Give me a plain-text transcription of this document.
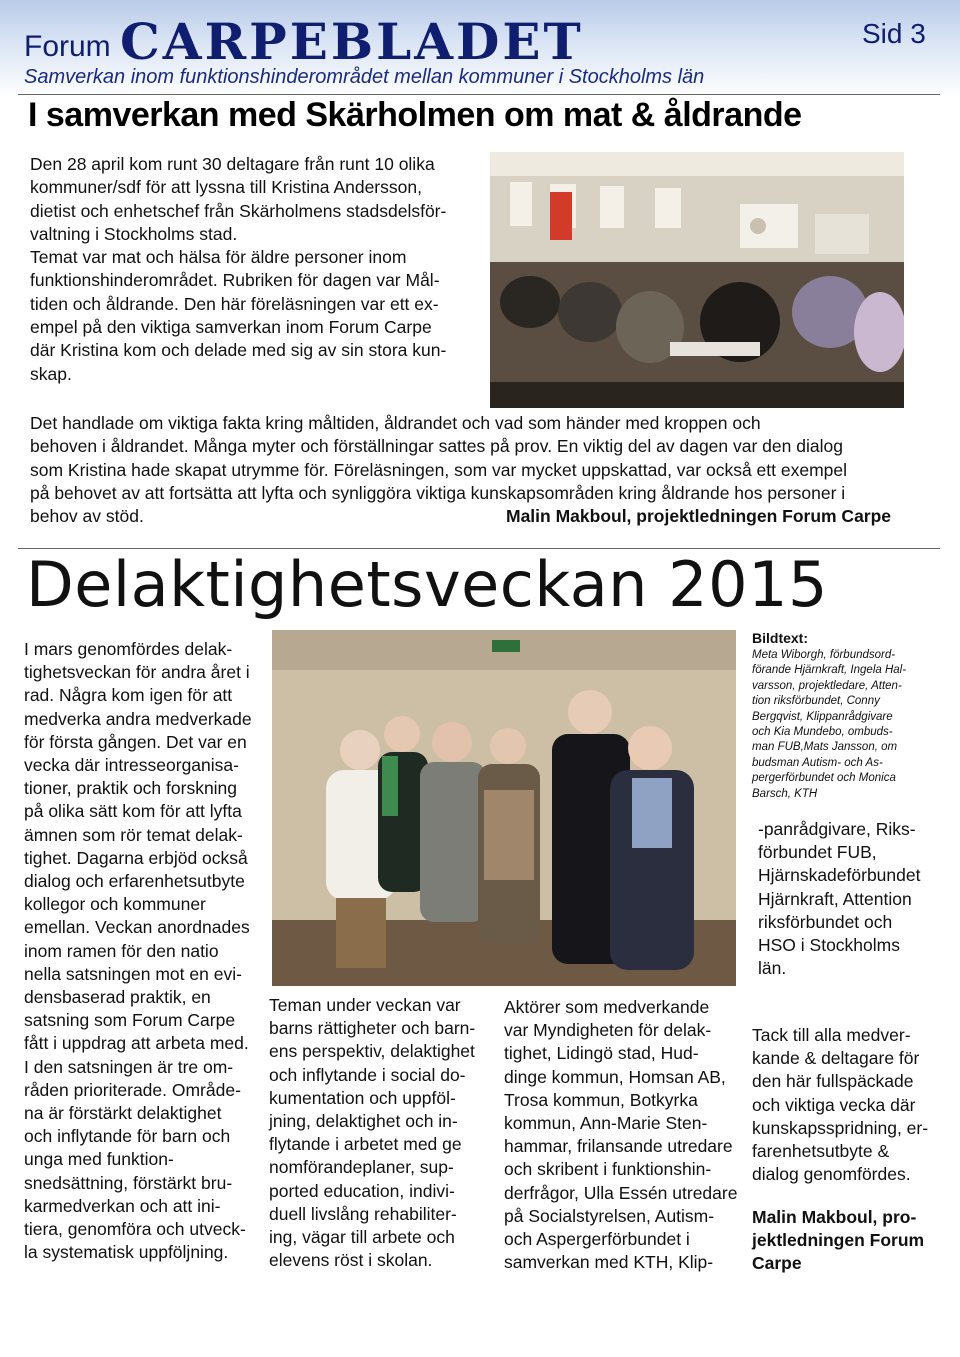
Forum CARPEBLADET	Sid 3
Samverkan inom funktionshinderområdet mellan kommuner i Stockholms län
I samverkan med Skärholmen om mat & åldrande

Den 28 april kom runt 30 deltagare från runt 10 olika

kommuner/sdf för att lyssna till Kristina Andersson,

dietist och enhetschef från Skärholmens stadsdelsför-

valtning i Stockholms stad.

Temat var mat och hälsa för äldre personer inom

funktionshinderområdet. Rubriken för dagen var Mål-

tiden och åldrande. Den här föreläsningen var ett ex-

empel på den viktiga samverkan inom Forum Carpe

där Kristina kom och delade med sig av sin stora kun-

skap.

Det handlade om viktiga fakta kring måltiden, åldrandet och vad som händer med kroppen och

behoven i åldrandet. Många myter och förställningar sattes på prov. En viktig del av dagen var den dialog

som Kristina hade skapat utrymme för. Föreläsningen, som var mycket uppskattad, var också ett exempel

på behovet av att fortsätta att lyfta och synliggöra viktiga kunskapsområden kring åldrande hos personer i

behov av stöd.	Malin Makboul, projektledningen Forum Carpe
Delaktighetsveckan 2015

I mars genomfördes delak-

tighetsveckan för andra året i

rad. Några kom igen för att

medverka andra medverkade

för första gången. Det var en

vecka där intresseorganisa-

tioner, praktik och forskning

på olika sätt kom för att lyfta

ämnen som rör temat delak-

tighet. Dagarna erbjöd också

dialog och erfarenhetsutbyte

kollegor och kommuner

emellan. Veckan anordnades

inom ramen för den natio

nella satsningen mot en evi-

densbaserad praktik, en

satsning som Forum Carpe

fått i uppdrag att arbeta med.

I den satsningen är tre om-

råden prioriterade. Område-

na är förstärkt delaktighet

och inflytande för barn och

unga med funktion-

snedsättning, förstärkt bru-

karmedverkan och att ini-

tiera, genomföra och utveck-

la systematisk uppföljning.

Bildtext:
Meta Wiborgh, förbundsord-
förande Hjärnkraft, Ingela Hal-
varsson, projektledare, Atten-
tion riksförbundet, Conny
Bergqvist, Klippanrådgivare
och Kia Mundebo, ombuds-
man FUB,Mats Jansson, om
budsman Autism- och As-
pergerförbundet och Monica
Barsch, KTH
-panrådgivare, Riks-
förbundet FUB,
Hjärnskadeförbundet
Hjärnkraft, Attention
riksförbundet och
HSO i Stockholms
län.

Teman under veckan var

barns rättigheter och barn-

ens perspektiv, delaktighet

och inflytande i social do-

kumentation och uppföl-

jning, delaktighet och in-

flytande i arbetet med ge

nomförandeplaner, sup-

ported education, indivi-

duell livslång rehabiliter-

ing, vägar till arbete och

elevens röst i skolan.

Aktörer som medverkande

var Myndigheten för delak-

tighet, Lidingö stad, Hud-

dinge kommun, Homsan AB,

Trosa kommun, Botkyrka

kommun, Ann-Marie Sten-

hammar, frilansande utredare

och skribent i funktionshin-

derfrågor, Ulla Essén utredare

på Socialstyrelsen, Autism-

och Aspergerförbundet i

samverkan med KTH, Klip-

Tack till alla medver-

kande & deltagare för

den här fullspäckade

och viktiga vecka där

kunskapsspridning, er-

farenhetsutbyte &

dialog genomfördes.

Malin Makboul, pro-
jektledningen Forum
Carpe
